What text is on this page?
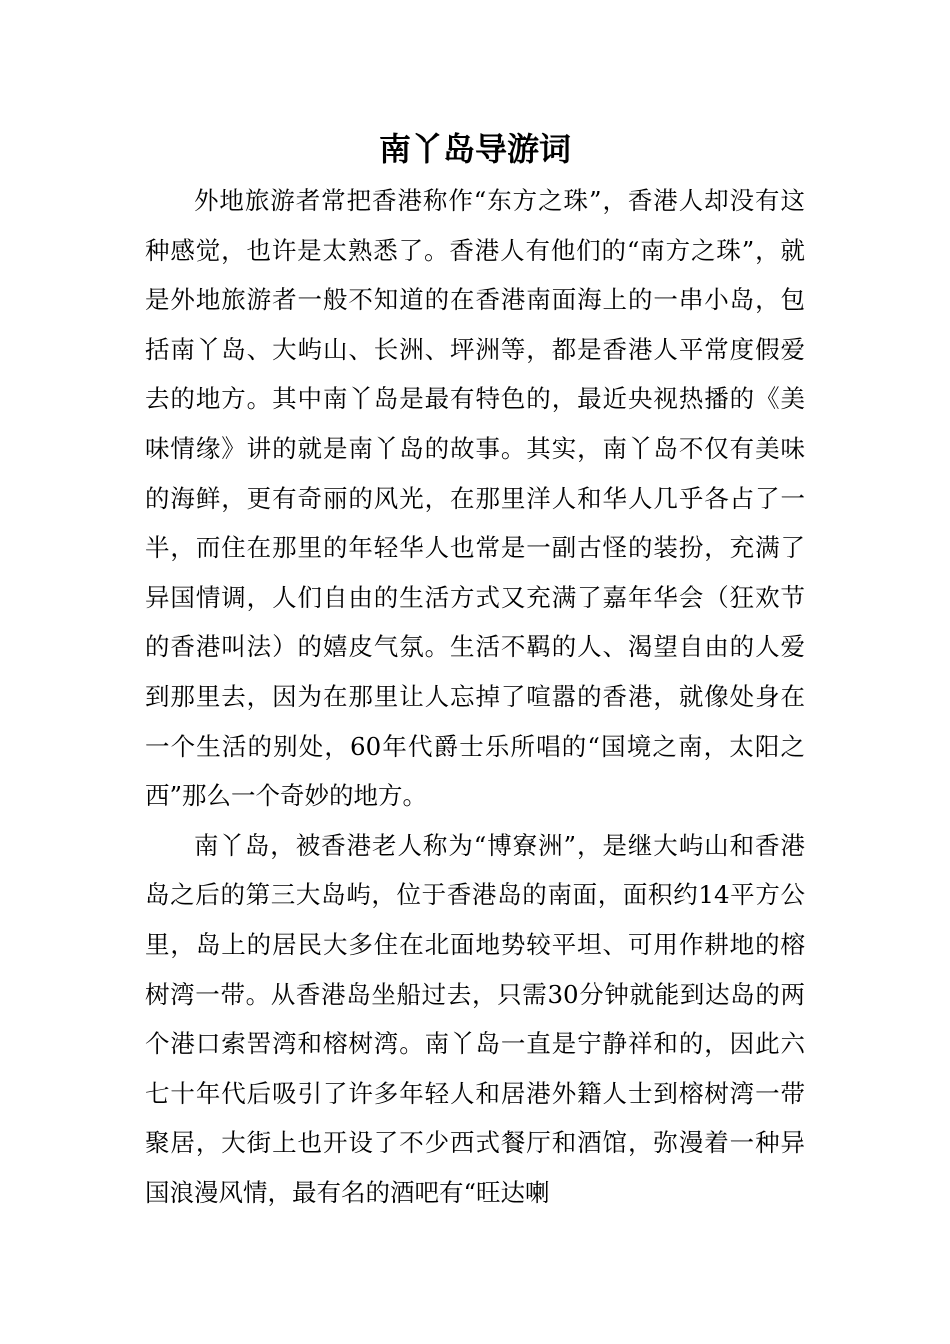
南丫岛导游词

外地旅游者常把香港称作“东方之珠”，香港人却没有这种感觉，也许是太熟悉了。香港人有他们的“南方之珠”，就是外地旅游者一般不知道的在香港南面海上的一串小岛，包括南丫岛、大屿山、长洲、坪洲等，都是香港人平常度假爱去的地方。其中南丫岛是最有特色的，最近央视热播的《美味情缘》讲的就是南丫岛的故事。其实，南丫岛不仅有美味的海鲜，更有奇丽的风光，在那里洋人和华人几乎各占了一半，而住在那里的年轻华人也常是一副古怪的装扮，充满了异国情调，人们自由的生活方式又充满了嘉年华会（狂欢节的香港叫法）的嬉皮气氛。生活不羁的人、渴望自由的人爱到那里去，因为在那里让人忘掉了喧嚣的香港，就像处身在一个生活的别处，60年代爵士乐所唱的“国境之南，太阳之西”那么一个奇妙的地方。

南丫岛，被香港老人称为“博寮洲”，是继大屿山和香港岛之后的第三大岛屿，位于香港岛的南面，面积约14平方公里，岛上的居民大多住在北面地势较平坦、可用作耕地的榕树湾一带。从香港岛坐船过去，只需30分钟就能到达岛的两个港口索罟湾和榕树湾。南丫岛一直是宁静祥和的，因此六七十年代后吸引了许多年轻人和居港外籍人士到榕树湾一带聚居，大街上也开设了不少西式餐厅和酒馆，弥漫着一种异国浪漫风情，最有名的酒吧有“旺达喇
